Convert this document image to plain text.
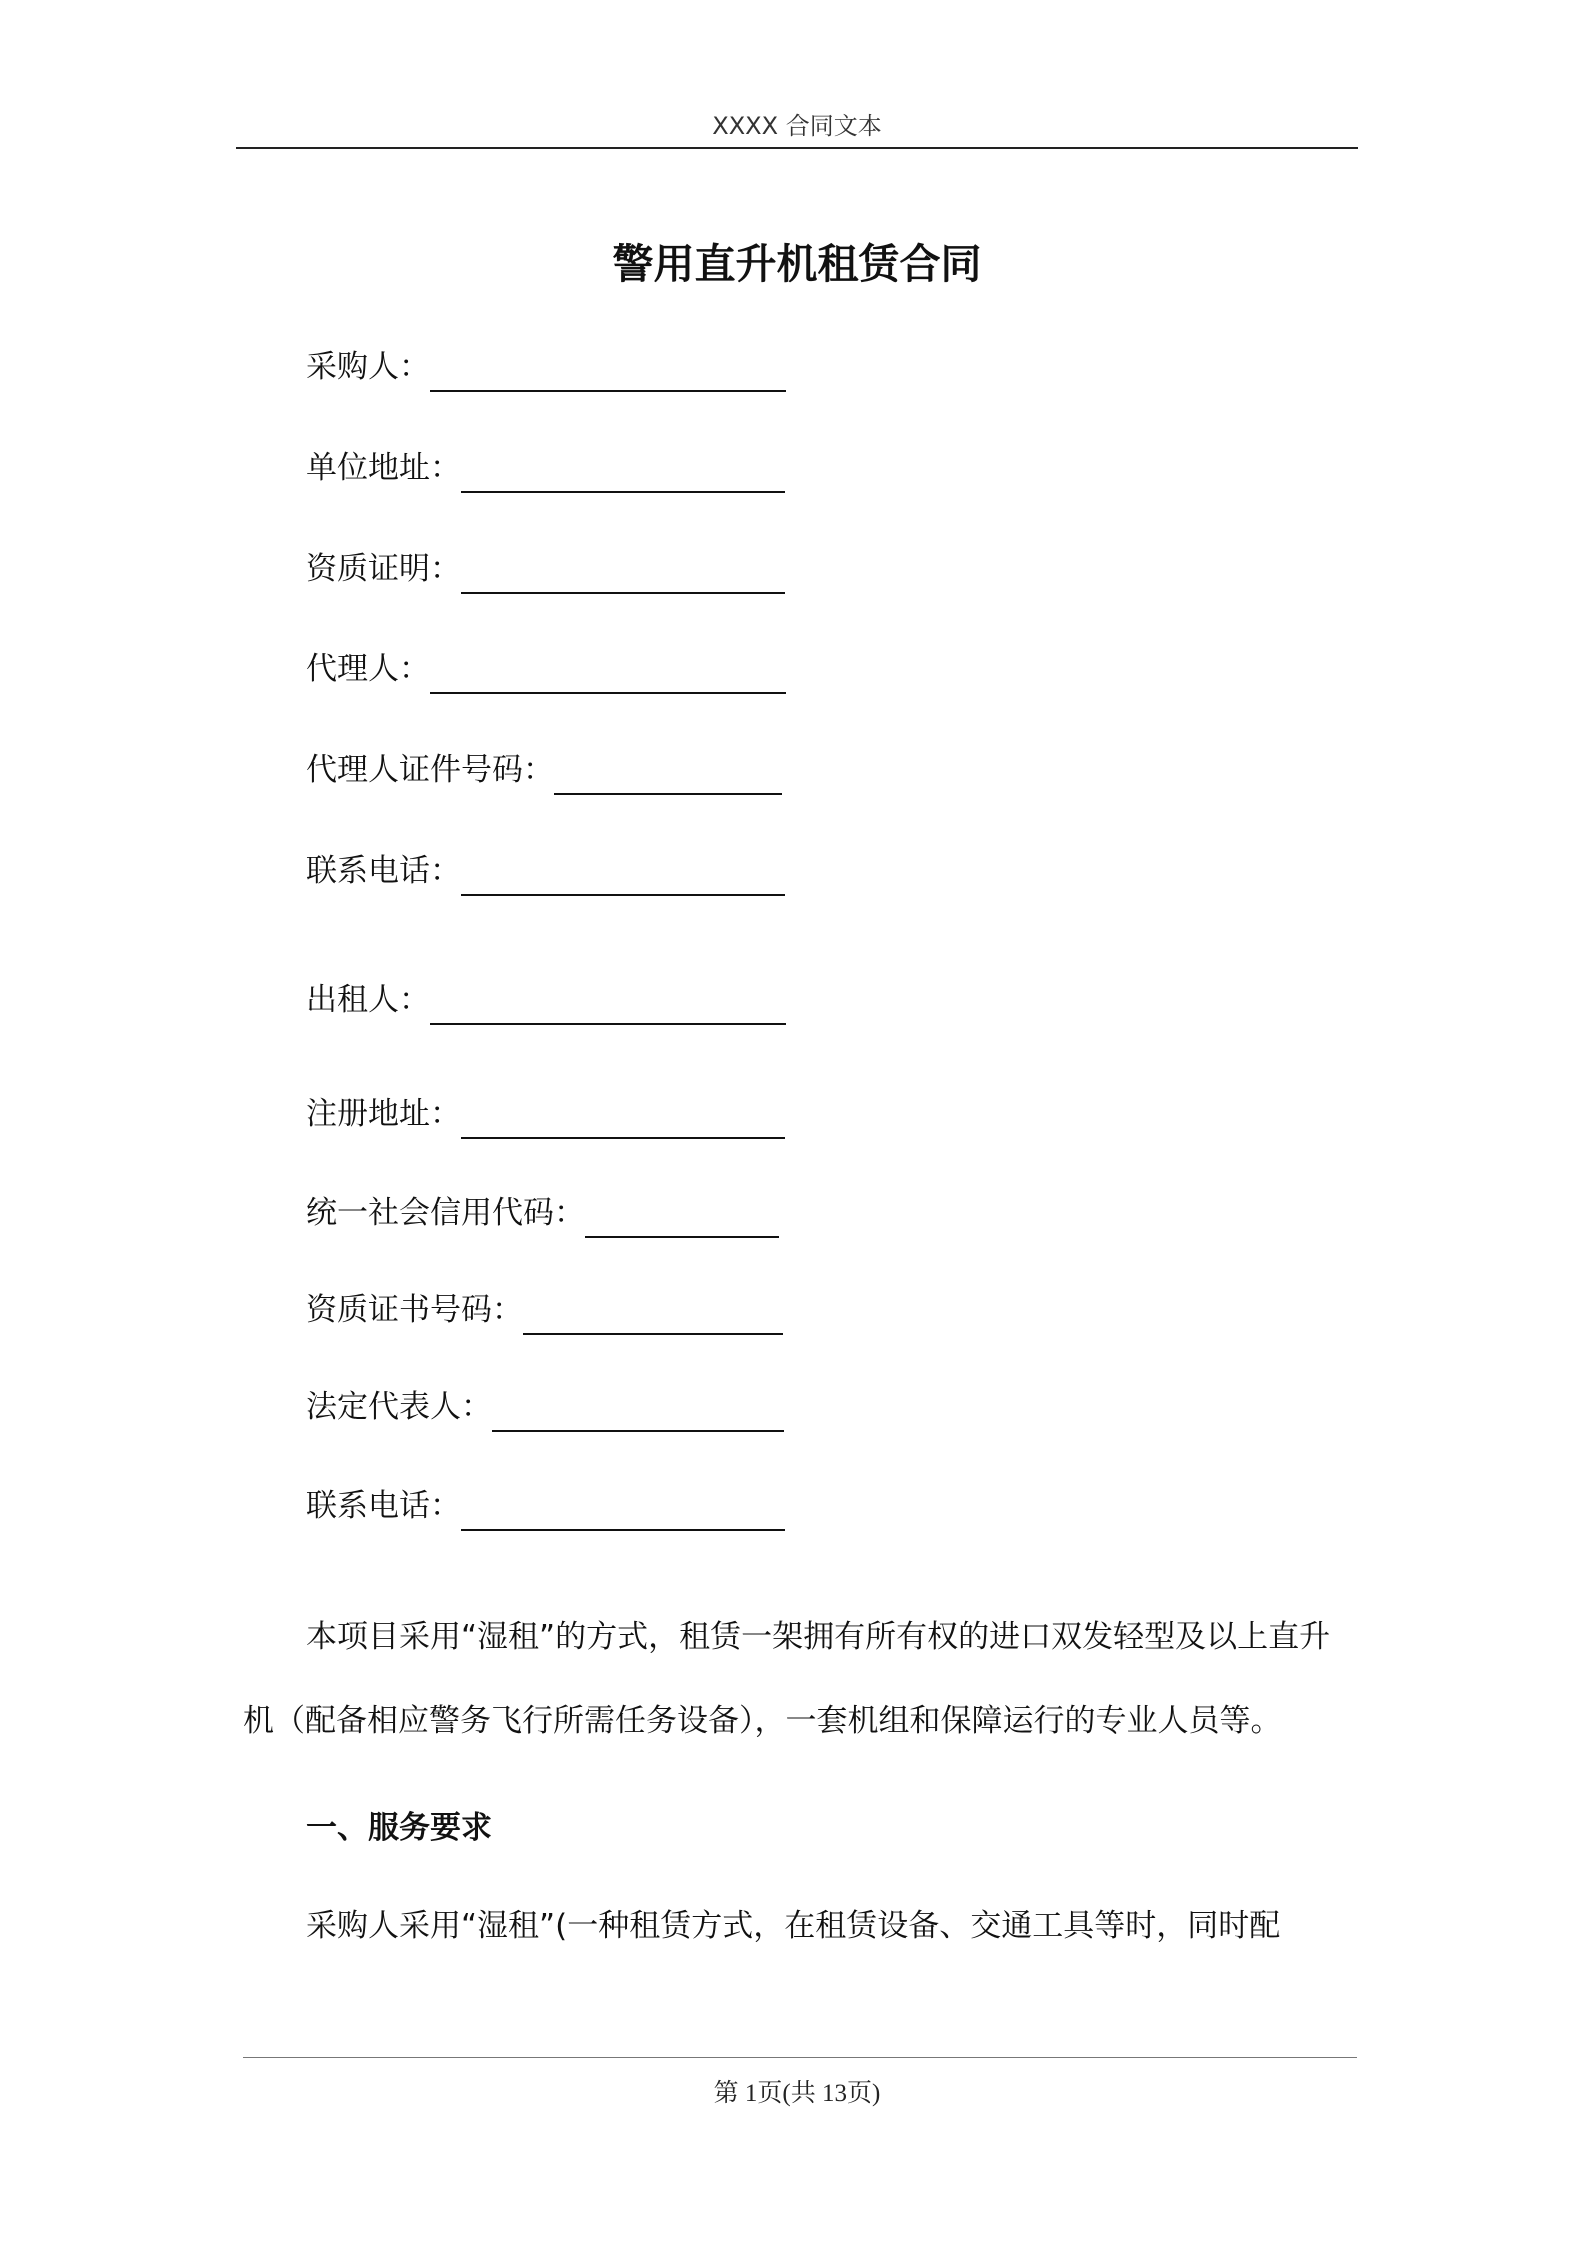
XXXX 合同文本
警用直升机租赁合同
采购人：
单位地址：
资质证明：
代理人：
代理人证件号码：
联系电话：
出租人：
注册地址：
统一社会信用代码：
资质证书号码：
法定代表人：
联系电话：
本项目采用“湿租”的方式，租赁一架拥有所有权的进口双发轻型及以上直升
机（配备相应警务飞行所需任务设备），一套机组和保障运行的专业人员等。
一、服务要求
采购人采用“湿租”(一种租赁方式，在租赁设备、交通工具等时，同时配
第 1页(共 13页)
